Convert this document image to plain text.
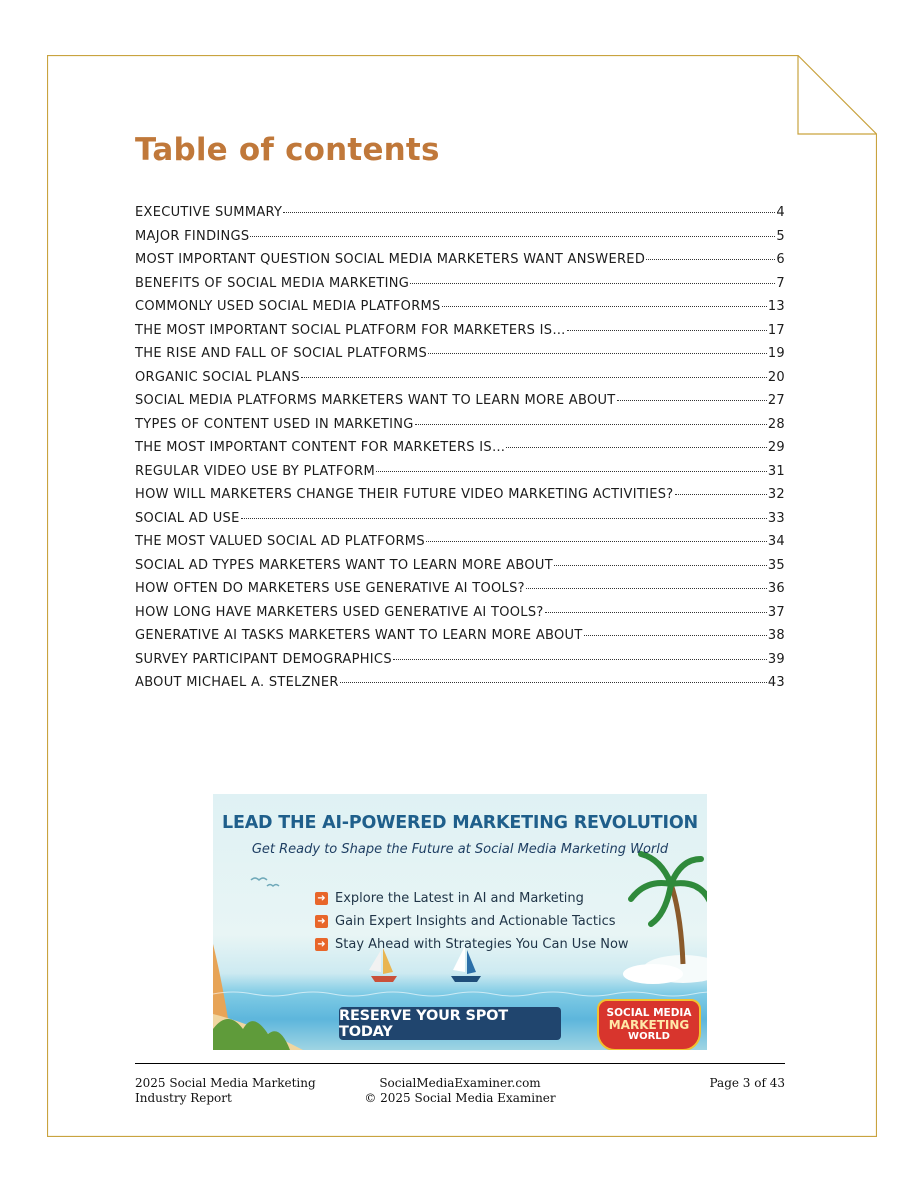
Table of contents
EXECUTIVE SUMMARY	4
MAJOR FINDINGS	5
MOST IMPORTANT QUESTION SOCIAL MEDIA MARKETERS WANT ANSWERED	6
BENEFITS OF SOCIAL MEDIA MARKETING	7
COMMONLY USED SOCIAL MEDIA PLATFORMS	13
THE MOST IMPORTANT SOCIAL PLATFORM FOR MARKETERS IS…	17
THE RISE AND FALL OF SOCIAL PLATFORMS	19
ORGANIC SOCIAL PLANS	20
SOCIAL MEDIA PLATFORMS MARKETERS WANT TO LEARN MORE ABOUT	27
TYPES OF CONTENT USED IN MARKETING	28
THE MOST IMPORTANT CONTENT FOR MARKETERS IS…	29
REGULAR VIDEO USE BY PLATFORM	31
HOW WILL MARKETERS CHANGE THEIR FUTURE VIDEO MARKETING ACTIVITIES?	32
SOCIAL AD USE	33
THE MOST VALUED SOCIAL AD PLATFORMS	34
SOCIAL AD TYPES MARKETERS WANT TO LEARN MORE ABOUT	35
HOW OFTEN DO MARKETERS USE GENERATIVE AI TOOLS?	36
HOW LONG HAVE MARKETERS USED GENERATIVE AI TOOLS?	37
GENERATIVE AI TASKS MARKETERS WANT TO LEARN MORE ABOUT	38
SURVEY PARTICIPANT DEMOGRAPHICS	39
ABOUT MICHAEL A. STELZNER	43
LEAD THE AI-POWERED MARKETING REVOLUTION
Get Ready to Shape the Future at Social Media Marketing World
➜ Explore the Latest in AI and Marketing
➜ Gain Expert Insights and Actionable Tactics
➜ Stay Ahead with Strategies You Can Use Now
RESERVE YOUR SPOT TODAY
SOCIAL MEDIA
MARKETING
WORLD
2025 Social Media Marketing
Industry Report
SocialMediaExaminer.com
© 2025 Social Media Examiner
Page 3 of 43
